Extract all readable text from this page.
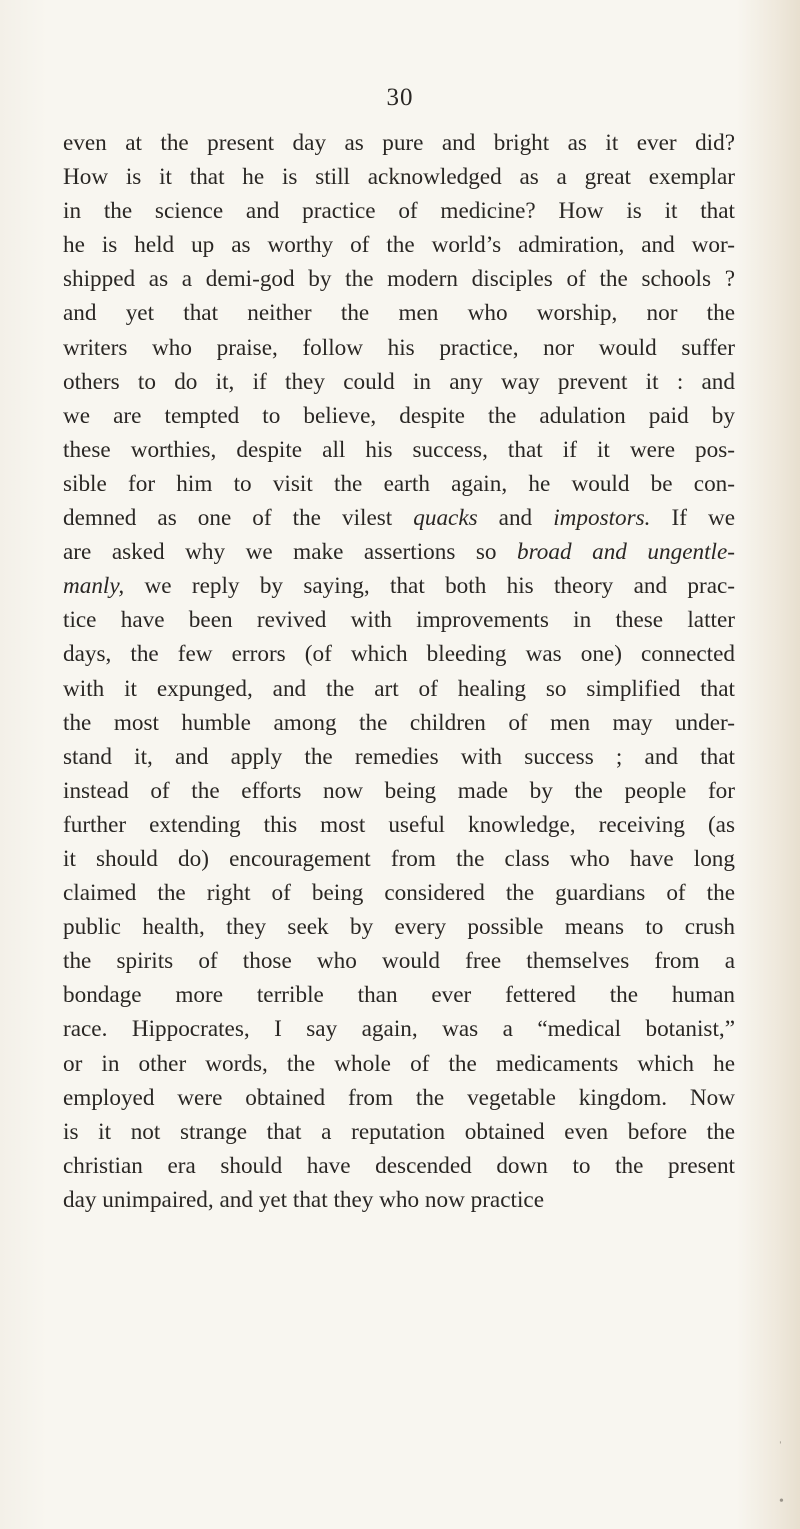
30
even at the present day as pure and bright as it ever did?
How is it that he is still acknowledged as a great exemplar
in the science and practice of medicine? How is it that
he is held up as worthy of the world’s admiration, and wor-
shipped as a demi-god by the modern disciples of the schools ?
and yet that neither the men who worship, nor the
writers who praise, follow his practice, nor would suffer
others to do it, if they could in any way prevent it : and
we are tempted to believe, despite the adulation paid by
these worthies, despite all his success, that if it were pos-
sible for him to visit the earth again, he would be con-
demned as one of the vilest quacks and impostors. If we
are asked why we make assertions so broad and ungentle-
manly, we reply by saying, that both his theory and prac-
tice have been revived with improvements in these latter
days, the few errors (of which bleeding was one) connected
with it expunged, and the art of healing so simplified that
the most humble among the children of men may under-
stand it, and apply the remedies with success ; and that
instead of the efforts now being made by the people for
further extending this most useful knowledge, receiving (as
it should do) encouragement from the class who have long
claimed the right of being considered the guardians of the
public health, they seek by every possible means to crush
the spirits of those who would free themselves from a
bondage more terrible than ever fettered the human
race. Hippocrates, I say again, was a “medical botanist,”
or in other words, the whole of the medicaments which he
employed were obtained from the vegetable kingdom. Now
is it not strange that a reputation obtained even before the
christian era should have descended down to the present
day unimpaired, and yet that they who now practice
ˈ
•
